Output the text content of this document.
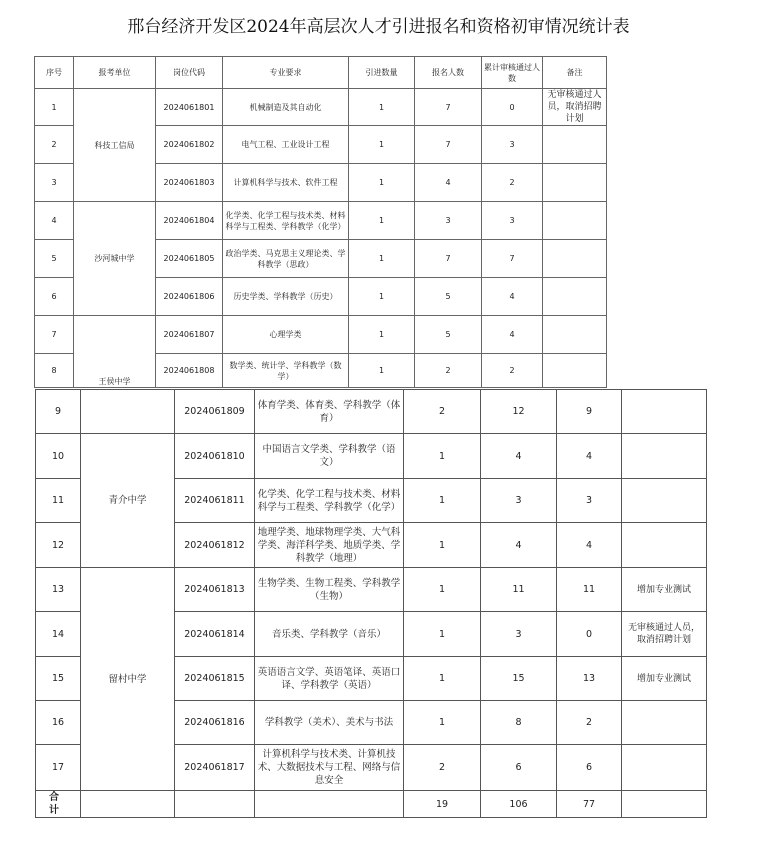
邢台经济开发区2024年高层次人才引进报名和资格初审情况统计表
序号	报考单位	岗位代码	专业要求	引进数量	报名人数	累计审核通过人数	备注
1	科技工信局	2024061801	机械制造及其自动化	1	7	0	无审核通过人员，取消招聘计划
2		2024061802	电气工程、工业设计工程	1	7	3	
3		2024061803	计算机科学与技术、软件工程	1	4	2	
4	沙河城中学	2024061804	化学类、化学工程与技术类、材料科学与工程类、学科教学（化学）	1	3	3	
5		2024061805	政治学类、马克思主义理论类、学科教学（思政）	1	7	7	
6		2024061806	历史学类、学科教学（历史）	1	5	4	
7	王侯中学	2024061807	心理学类	1	5	4	
8		2024061808	数学类、统计学、学科教学（数学）	1	2	2	
9		2024061809	体育学类、体育类、学科教学（体育）	2	12	9	
10	青介中学	2024061810	中国语言文学类、学科教学（语文）	1	4	4	
11		2024061811	化学类、化学工程与技术类、材料科学与工程类、学科教学（化学）	1	3	3	
12		2024061812	地理学类、地球物理学类、大气科学类、海洋科学类、地质学类、学科教学（地理）	1	4	4	
13	留村中学	2024061813	生物学类、生物工程类、学科教学（生物）	1	11	11	增加专业测试
14		2024061814	音乐类、学科教学（音乐）	1	3	0	无审核通过人员，取消招聘计划
15		2024061815	英语语言文学、英语笔译、英语口译、学科教学（英语）	1	15	13	增加专业测试
16		2024061816	学科教学（美术）、美术与书法	1	8	2	
17		2024061817	计算机科学与技术类、计算机技术、大数据技术与工程、网络与信息安全	2	6	6	
合 计				19	106	77	
